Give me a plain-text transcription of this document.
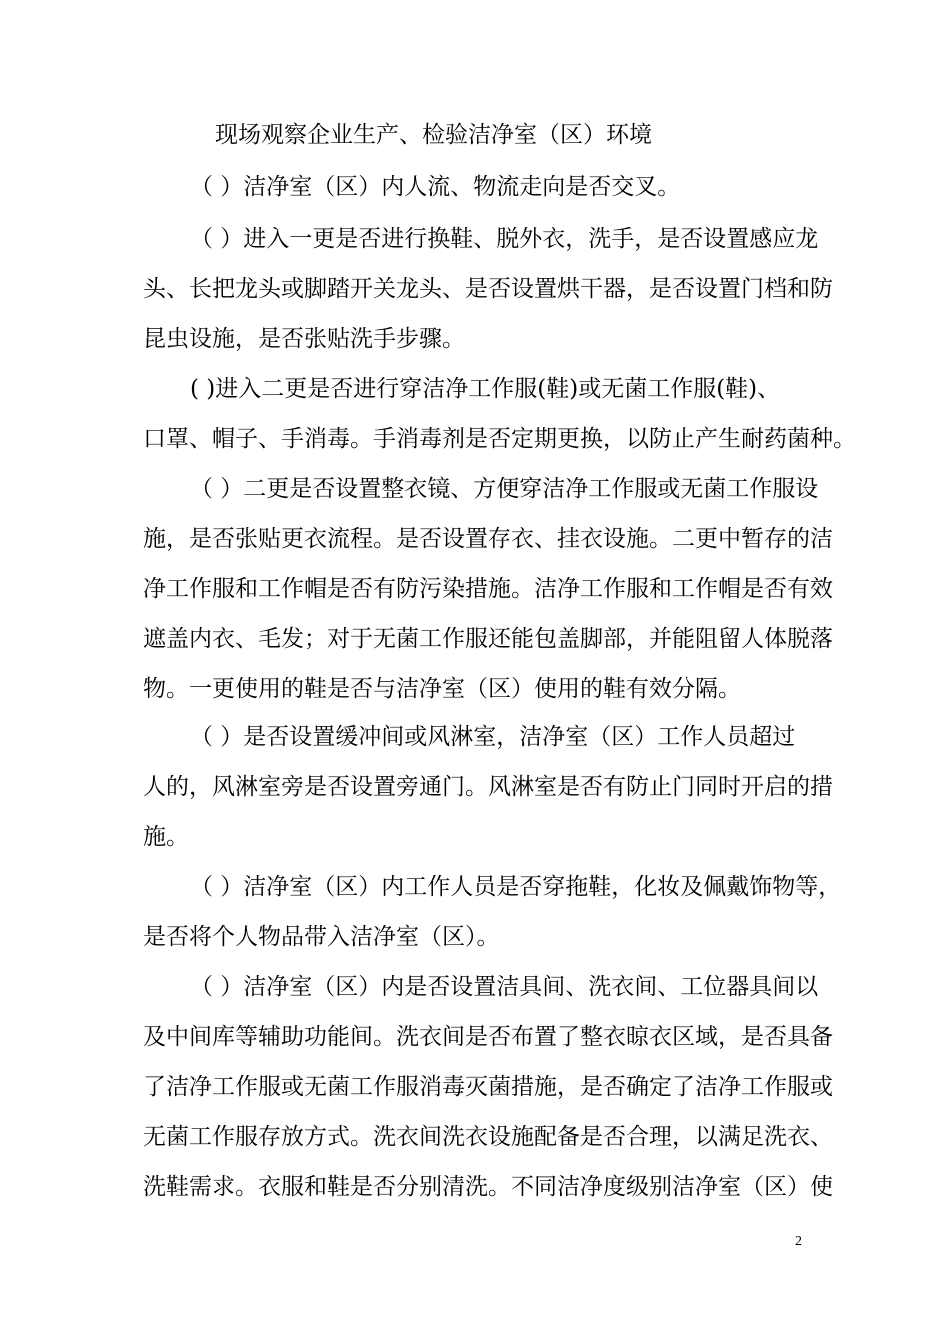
现场观察企业生产、检验洁净室（区）环境

（ ）洁净室（区）内人流、物流走向是否交叉。

（ ）进入一更是否进行换鞋、脱外衣，洗手，是否设置感应龙

头、长把龙头或脚踏开关龙头、是否设置烘干器，是否设置门档和防

昆虫设施，是否张贴洗手步骤。

( )进入二更是否进行穿洁净工作服(鞋)或无菌工作服(鞋)、

口罩、帽子、手消毒。手消毒剂是否定期更换，以防止产生耐药菌种。

（ ）二更是否设置整衣镜、方便穿洁净工作服或无菌工作服设

施，是否张贴更衣流程。是否设置存衣、挂衣设施。二更中暂存的洁

净工作服和工作帽是否有防污染措施。洁净工作服和工作帽是否有效

遮盖内衣、毛发；对于无菌工作服还能包盖脚部，并能阻留人体脱落

物。一更使用的鞋是否与洁净室（区）使用的鞋有效分隔。

（ ）是否设置缓冲间或风淋室，洁净室（区）工作人员超过

人的，风淋室旁是否设置旁通门。风淋室是否有防止门同时开启的措

施。

（ ）洁净室（区）内工作人员是否穿拖鞋，化妆及佩戴饰物等，

是否将个人物品带入洁净室（区）。

（ ）洁净室（区）内是否设置洁具间、洗衣间、工位器具间以

及中间库等辅助功能间。洗衣间是否布置了整衣晾衣区域，是否具备

了洁净工作服或无菌工作服消毒灭菌措施，是否确定了洁净工作服或

无菌工作服存放方式。洗衣间洗衣设施配备是否合理，以满足洗衣、

洗鞋需求。衣服和鞋是否分别清洗。不同洁净度级别洁净室（区）使

2
